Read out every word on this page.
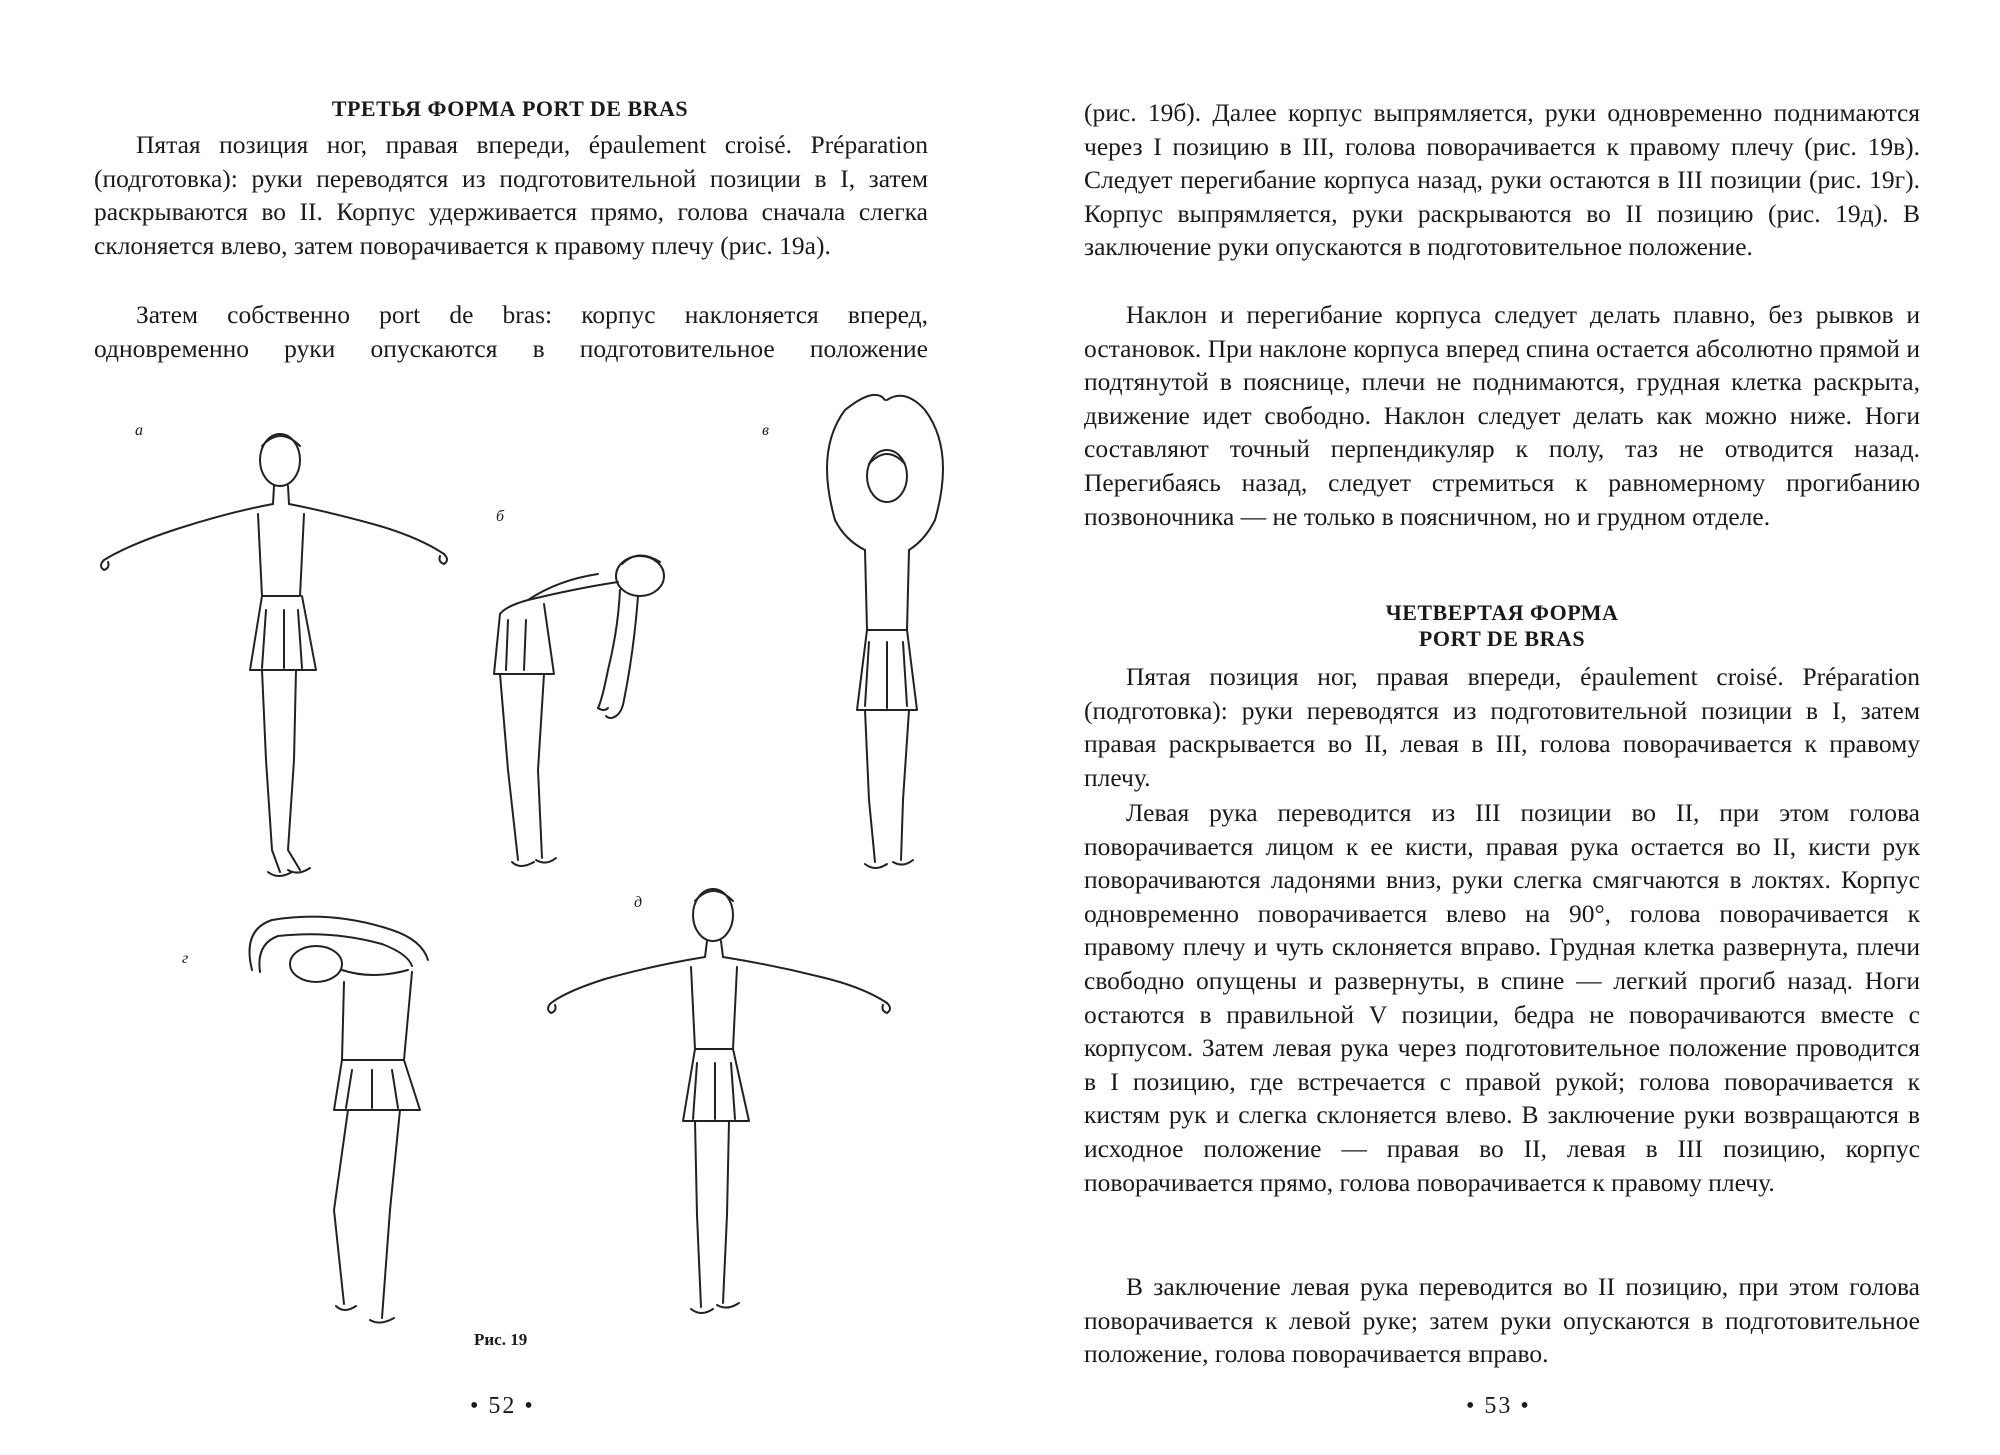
ТРЕТЬЯ ФОРМА PORT DE BRAS

Пятая позиция ног, правая впереди, épaulement croisé. Préparation (подготовка): руки переводятся из подготовительной позиции в I, затем раскрываются во II. Корпус удерживается прямо, голова сначала слегка склоняется влево, затем поворачивается к правому плечу (рис. 19а).

Затем собственно port de bras: корпус наклоняется вперед, одновременно руки опускаются в подготовительное положение

а
б
в
г
д
Рис. 19
• 52 •

(рис. 19б). Далее корпус выпрямляется, руки одновременно поднимаются через I позицию в III, голова поворачивается к правому плечу (рис. 19в). Следует перегибание корпуса назад, руки остаются в III позиции (рис. 19г). Корпус выпрямляется, руки раскрываются во II позицию (рис. 19д). В заключение руки опускаются в подготовительное положение.

Наклон и перегибание корпуса следует делать плавно, без рывков и остановок. При наклоне корпуса вперед спина остается абсолютно прямой и подтянутой в пояснице, плечи не поднимаются, грудная клетка раскрыта, движение идет свободно. Наклон следует делать как можно ниже. Ноги составляют точный перпендикуляр к полу, таз не отводится назад. Перегибаясь назад, следует стремиться к равномерному прогибанию позвоночника — не только в поясничном, но и грудном отделе.

ЧЕТВЕРТАЯ ФОРМА
PORT DE BRAS

Пятая позиция ног, правая впереди, épaulement croisé. Préparation (подготовка): руки переводятся из подготовительной позиции в I, затем правая раскрывается во II, левая в III, голова поворачивается к правому плечу.

Левая рука переводится из III позиции во II, при этом голова поворачивается лицом к ее кисти, правая рука остается во II, кисти рук поворачиваются ладонями вниз, руки слегка смягчаются в локтях. Корпус одновременно поворачивается влево на 90°, голова поворачивается к правому плечу и чуть склоняется вправо. Грудная клетка развернута, плечи свободно опущены и развернуты, в спине — легкий прогиб назад. Ноги остаются в правильной V позиции, бедра не поворачиваются вместе с корпусом. Затем левая рука через подготовительное положение проводится в I позицию, где встречается с правой рукой; голова поворачивается к кистям рук и слегка склоняется влево. В заключение руки возвращаются в исходное положение — правая во II, левая в III позицию, корпус поворачивается прямо, голова поворачивается к правому плечу.

В заключение левая рука переводится во II позицию, при этом голова поворачивается к левой руке; затем руки опускаются в подготовительное положение, голова поворачивается вправо.

• 53 •
